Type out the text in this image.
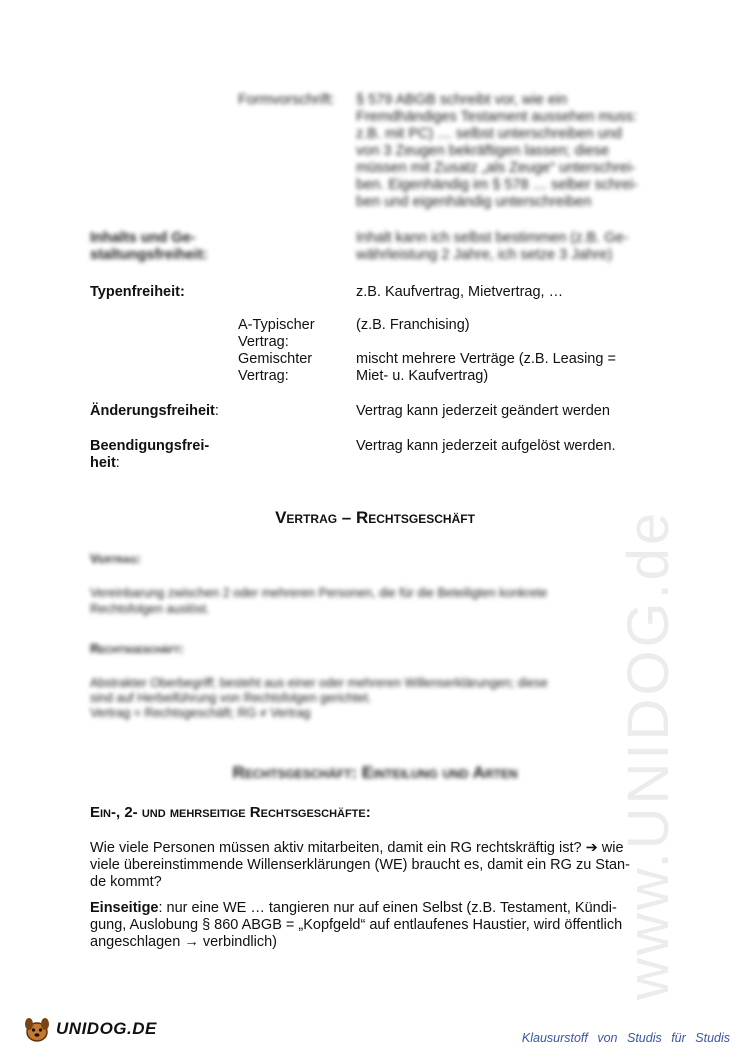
www.UNIDOG.de
Formvorschrift: § 579 ABGB schreibt vor, wie ein
Fremdhändiges Testament aussehen muss:
z.B. mit PC) … selbst unterschreiben und
von 3 Zeugen bekräftigen lassen; diese
müssen mit Zusatz „als Zeuge“ unterschrei-
ben. Eigenhändig im § 578 … selber schrei-
ben und eigenhändig unterschreiben
Inhalts und Ge-
staltungsfreiheit:
Inhalt kann ich selbst bestimmen (z.B. Ge-
währleistung 2 Jahre, ich setze 3 Jahre)
Typenfreiheit:	z.B. Kaufvertrag, Mietvertrag, …
A-Typischer
Vertrag:
(z.B. Franchising)
Gemischter
Vertrag:
mischt mehrere Verträge (z.B. Leasing =
Miet- u. Kaufvertrag)
Änderungsfreiheit:	Vertrag kann jederzeit geändert werden
Beendigungsfrei-
heit:
Vertrag kann jederzeit aufgelöst werden.
Vertrag – Rechtsgeschäft
Vertrag:
Vereinbarung zwischen 2 oder mehreren Personen, die für die Beteiligten konkrete
Rechtsfolgen auslöst.
Rechtsgeschäft:
Abstrakter Oberbegriff; besteht aus einer oder mehreren Willenserklärungen; diese
sind auf Herbeiführung von Rechtsfolgen gerichtet.
Vertrag = Rechtsgeschäft; RG ≠ Vertrag
Rechtsgeschäft: Einteilung und Arten
Ein-, 2- und mehrseitige Rechtsgeschäfte:
Wie viele Personen müssen aktiv mitarbeiten, damit ein RG rechtskräftig ist? ➔ wie
viele übereinstimmende Willenserklärungen (WE) braucht es, damit ein RG zu Stan-
de kommt?
Einseitige: nur eine WE … tangieren nur auf einen Selbst (z.B. Testament, Kündi-
gung, Auslobung § 860 ABGB = „Kopfgeld“ auf entlaufenes Haustier, wird öffentlich
angeschlagen → verbindlich)
UNIDOG.DE
Klausurstoff von Studis für Studis
